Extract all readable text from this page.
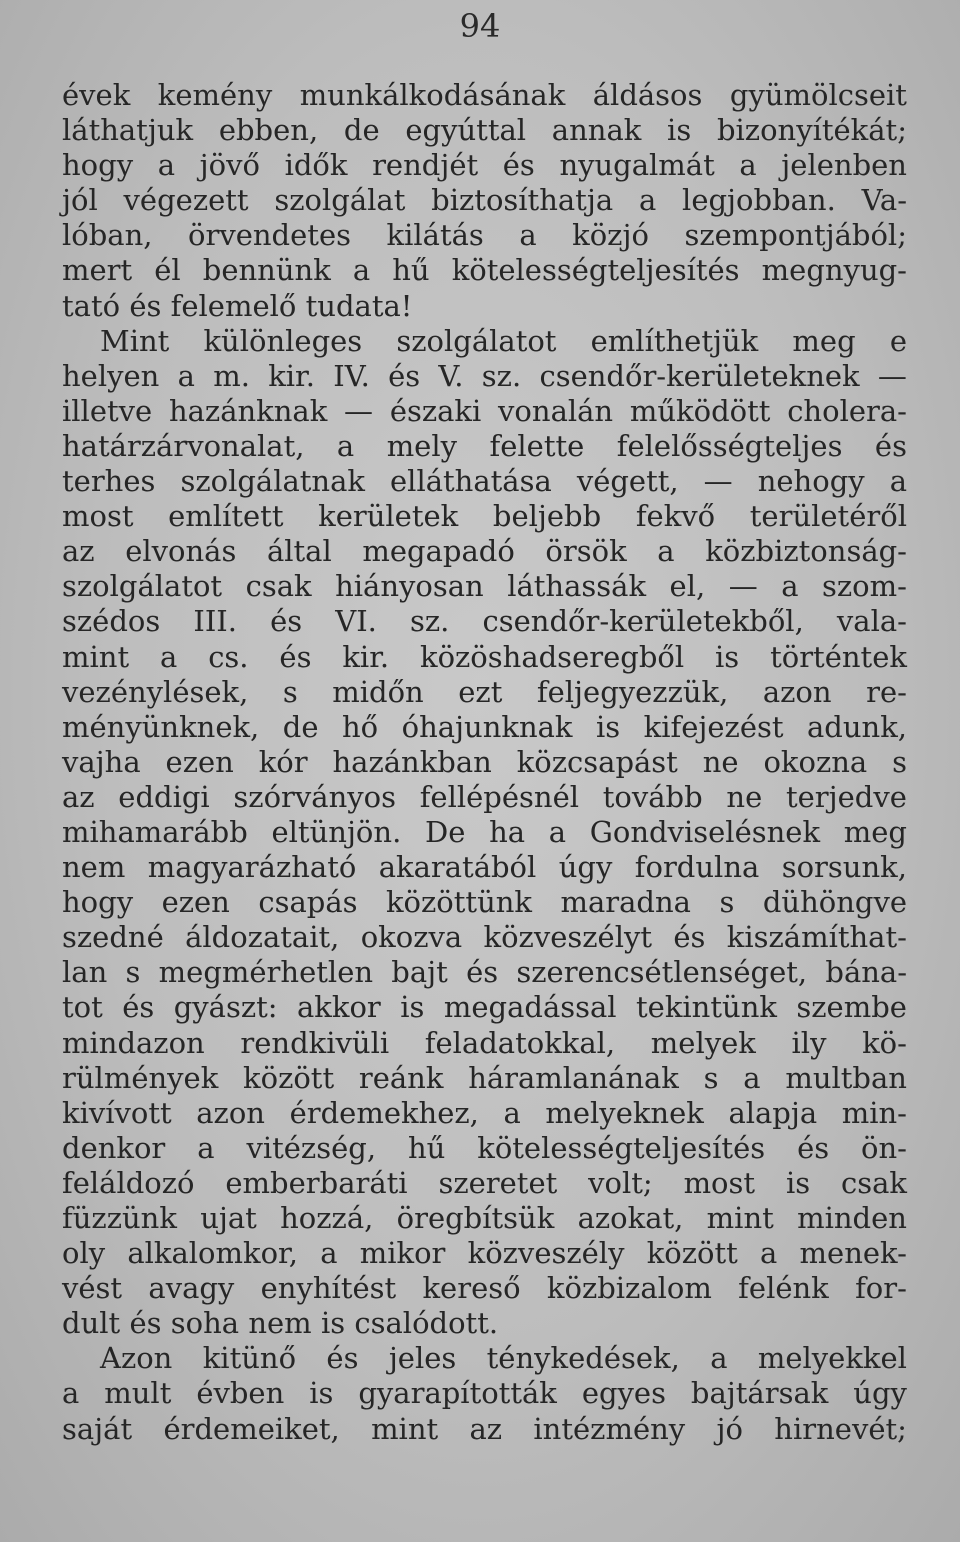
94
évek kemény munkálkodásának áldásos gyümölcseit
láthatjuk ebben, de egyúttal annak is bizonyítékát;
hogy a jövő idők rendjét és nyugalmát a jelenben
jól végezett szolgálat biztosíthatja a legjobban. Va-
lóban, örvendetes kilátás a közjó szempontjából;
mert él bennünk a hű kötelességteljesítés megnyug-
tató és felemelő tudata!
Mint különleges szolgálatot említhetjük meg e
helyen a m. kir. IV. és V. sz. csendőr-kerületeknek —
illetve hazánknak — északi vonalán működött cholera-
határzárvonalat, a mely felette felelősségteljes és
terhes szolgálatnak elláthatása végett, — nehogy a
most említett kerületek beljebb fekvő területéről
az elvonás által megapadó örsök a közbiztonság-
szolgálatot csak hiányosan láthassák el, — a szom-
szédos III. és VI. sz. csendőr-kerületekből, vala-
mint a cs. és kir. közöshadseregből is történtek
vezénylések, s midőn ezt feljegyezzük, azon re-
ményünknek, de hő óhajunknak is kifejezést adunk,
vajha ezen kór hazánkban közcsapást ne okozna s
az eddigi szórványos fellépésnél tovább ne terjedve
mihamarább eltünjön. De ha a Gondviselésnek meg
nem magyarázható akaratából úgy fordulna sorsunk,
hogy ezen csapás közöttünk maradna s dühöngve
szedné áldozatait, okozva közveszélyt és kiszámíthat-
lan s megmérhetlen bajt és szerencsétlenséget, bána-
tot és gyászt: akkor is megadással tekintünk szembe
mindazon rendkivüli feladatokkal, melyek ily kö-
rülmények között reánk háramlanának s a multban
kivívott azon érdemekhez, a melyeknek alapja min-
denkor a vitézség, hű kötelességteljesítés és ön-
feláldozó emberbaráti szeretet volt; most is csak
füzzünk ujat hozzá, öregbítsük azokat, mint minden
oly alkalomkor, a mikor közveszély között a menek-
vést avagy enyhítést kereső közbizalom felénk for-
dult és soha nem is csalódott.
Azon kitünő és jeles ténykedések, a melyekkel
a mult évben is gyarapították egyes bajtársak úgy
saját érdemeiket, mint az intézmény jó hirnevét;
